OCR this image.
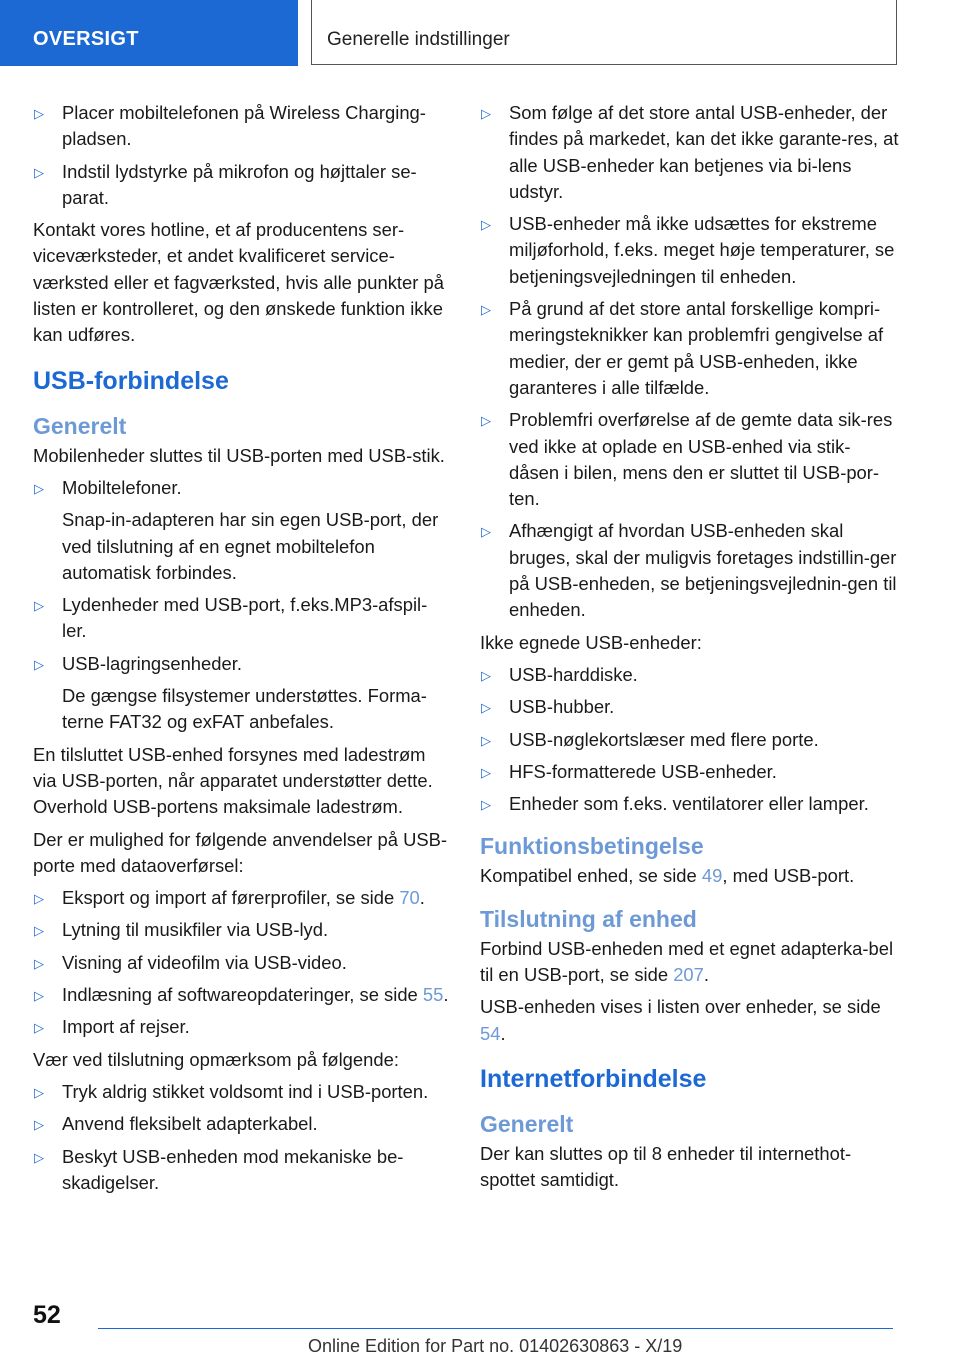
OVERSIGT	Generelle indstillinger
▷ Placer mobiltelefonen på Wireless Charging-pladsen.
▷ Indstil lydstyrke på mikrofon og højttaler se-parat.

Kontakt vores hotline, et af producentens ser-viceværksteder, et andet kvalificeret service-værksted eller et fagværksted, hvis alle punkter på listen er kontrolleret, og den ønskede funktion ikke kan udføres.

USB-forbindelse
Generelt

Mobilenheder sluttes til USB-porten med USB-stik.

▷ Mobiltelefoner.
Snap-in-adapteren har sin egen USB-port, der ved tilslutning af en egnet mobiltelefon automatisk forbindes.
▷ Lydenheder med USB-port, f.eks.MP3-afspil-ler.
▷ USB-lagringsenheder.
De gængse filsystemer understøttes. Forma-terne FAT32 og exFAT anbefales.

En tilsluttet USB-enhed forsynes med ladestrøm via USB-porten, når apparatet understøtter dette. Overhold USB-portens maksimale ladestrøm.

Der er mulighed for følgende anvendelser på USB-porte med dataoverførsel:

▷ Eksport og import af førerprofiler, se side 70.
▷ Lytning til musikfiler via USB-lyd.
▷ Visning af videofilm via USB-video.
▷ Indlæsning af softwareopdateringer, se side 55.
▷ Import af rejser.

Vær ved tilslutning opmærksom på følgende:

▷ Tryk aldrig stikket voldsomt ind i USB-porten.
▷ Anvend fleksibelt adapterkabel.
▷ Beskyt USB-enheden mod mekaniske be-skadigelser.
▷ Som følge af det store antal USB-enheder, der findes på markedet, kan det ikke garante-res, at alle USB-enheder kan betjenes via bi-lens udstyr.
▷ USB-enheder må ikke udsættes for ekstreme miljøforhold, f.eks. meget høje temperaturer, se betjeningsvejledningen til enheden.
▷ På grund af det store antal forskellige kompri-meringsteknikker kan problemfri gengivelse af medier, der er gemt på USB-enheden, ikke garanteres i alle tilfælde.
▷ Problemfri overførelse af de gemte data sik-res ved ikke at oplade en USB-enhed via stik-dåsen i bilen, mens den er sluttet til USB-por-ten.
▷ Afhængigt af hvordan USB-enheden skal bruges, skal der muligvis foretages indstillin-ger på USB-enheden, se betjeningsvejlednin-gen til enheden.

Ikke egnede USB-enheder:

▷ USB-harddiske.
▷ USB-hubber.
▷ USB-nøglekortslæser med flere porte.
▷ HFS-formatterede USB-enheder.
▷ Enheder som f.eks. ventilatorer eller lamper.
Funktionsbetingelse

Kompatibel enhed, se side 49, med USB-port.

Tilslutning af enhed

Forbind USB-enheden med et egnet adapterka-bel til en USB-port, se side 207.

USB-enheden vises i listen over enheder, se side 54.

Internetforbindelse
Generelt

Der kan sluttes op til 8 enheder til internethot-spottet samtidigt.

52
Online Edition for Part no. 01402630863 - X/19
